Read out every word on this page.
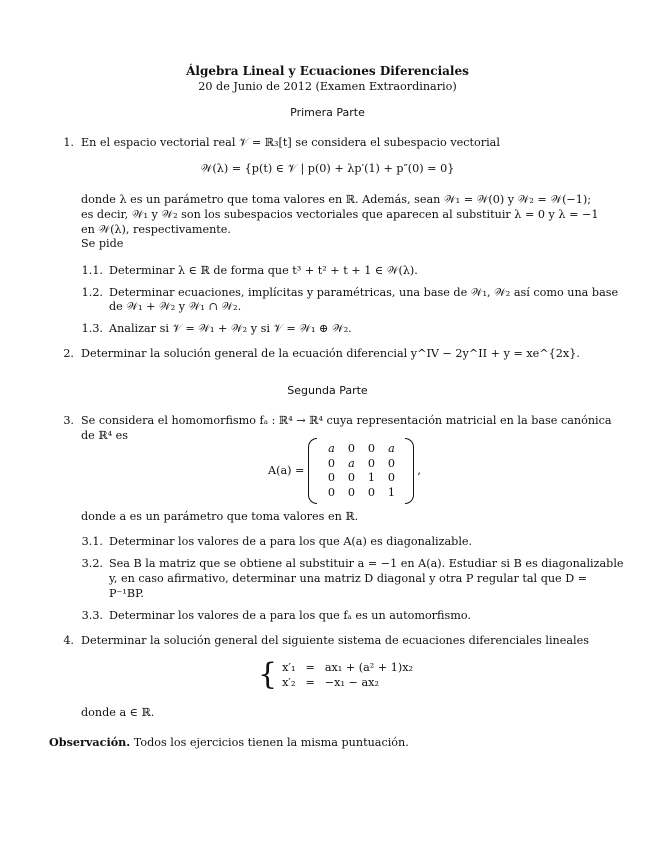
Álgebra Lineal y Ecuaciones Diferenciales
20 de Junio de 2012 (Examen Extraordinario)
Primera Parte
1. En el espacio vectorial real 𝒱 = ℝ₃[t] se considera el subespacio vectorial
𝒲(λ) = {p(t) ∈ 𝒱 | p(0) + λp′(1) + p″(0) = 0}
donde λ es un parámetro que toma valores en ℝ. Además, sean 𝒲₁ = 𝒲(0) y 𝒲₂ = 𝒲(−1);
es decir, 𝒲₁ y 𝒲₂ son los subespacios vectoriales que aparecen al substituir λ = 0 y λ = −1
en 𝒲(λ), respectivamente.
Se pide
1.1. Determinar λ ∈ ℝ de forma que t³ + t² + t + 1 ∈ 𝒲(λ).
1.2. Determinar ecuaciones, implícitas y paramétricas, una base de 𝒲₁, 𝒲₂ así como una base
de 𝒲₁ + 𝒲₂ y 𝒲₁ ∩ 𝒲₂.
1.3. Analizar si 𝒱 = 𝒲₁ + 𝒲₂ y si 𝒱 = 𝒲₁ ⊕ 𝒲₂.
2. Determinar la solución general de la ecuación diferencial y^IV − 2y^II + y = xe^{2x}.
Segunda Parte
3. Se considera el homomorfismo fₐ : ℝ⁴ → ℝ⁴ cuya representación matricial en la base canónica
de ℝ⁴ es
A(a) =
a	0	0	a
0	a	0	0
0	0	1	0
0	0	0	1
,
donde a es un parámetro que toma valores en ℝ.
3.1. Determinar los valores de a para los que A(a) es diagonalizable.
3.2. Sea B la matriz que se obtiene al substituir a = −1 en A(a). Estudiar si B es diagonalizable
y, en caso afirmativo, determinar una matriz D diagonal y otra P regular tal que D =
P⁻¹BP.
3.3. Determinar los valores de a para los que fₐ es un automorfismo.
4. Determinar la solución general del siguiente sistema de ecuaciones diferenciales lineales
{ x′₁	=	ax₁ + (a² + 1)x₂
x′₂	=	−x₁ − ax₂
donde a ∈ ℝ.
Observación. Todos los ejercicios tienen la misma puntuación.
